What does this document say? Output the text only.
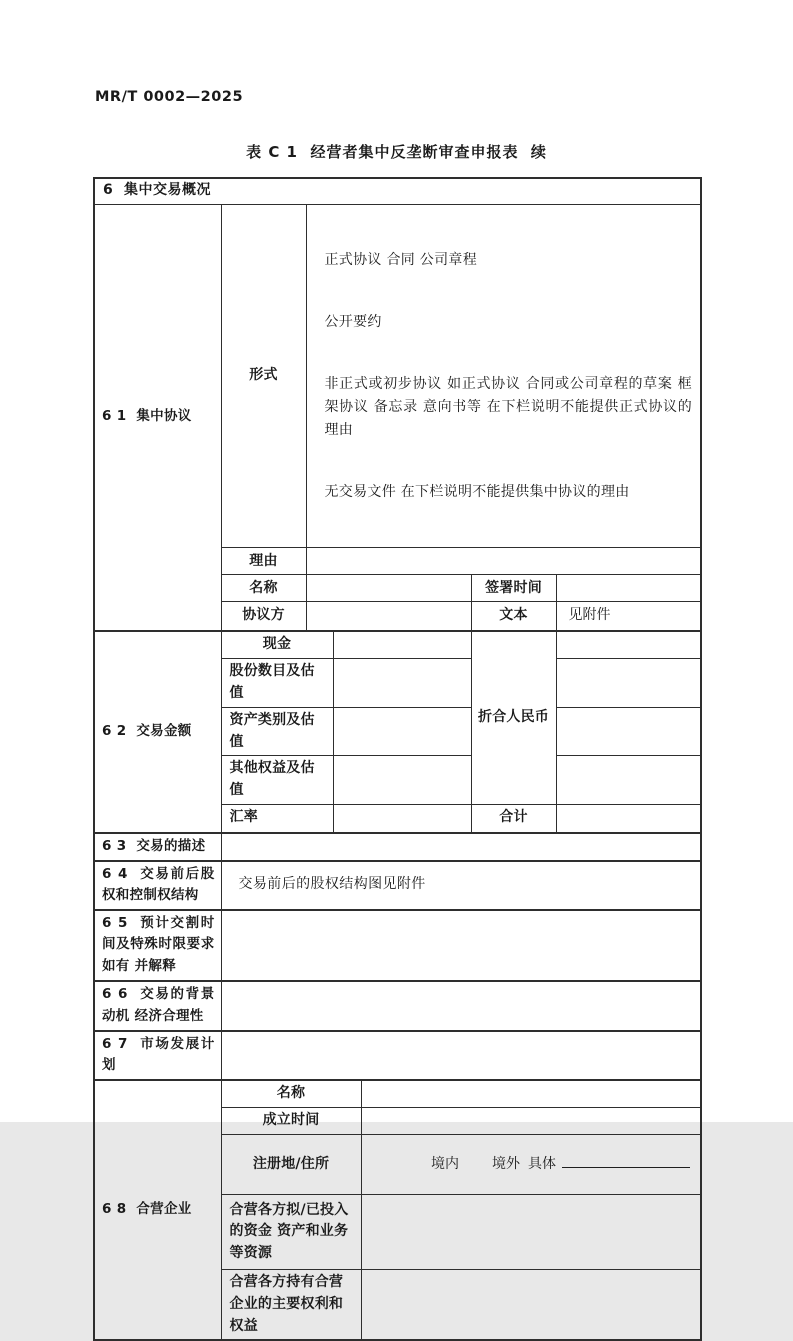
MR/T 0002—2025
表 C 1  经营者集中反垄断审查申报表  续
6  集中交易概况						
6 1  集中协议	形式	正式协议 合同 公司章程

公开要约

非正式或初步协议 如正式协议 合同或公司章程的草案 框架协议 备忘录 意向书等 在下栏说明不能提供正式协议的理由

无交易文件 在下栏说明不能提供集中协议的理由				

	理由					
	名称				签署时间	
	协议方				文本	见附件
6 2  交易金额	现金				折合人民币	
	股份数目及估值					
	资产类别及估值					
	其他权益及估值					
	汇率				合计	
6 3  交易的描述						
6 4  交易前后股权和控制权结构	交易前后的股权结构图见附件					
6 5  预计交割时间及特殊时限要求 如有 并解释						
6 6  交易的背景 动机 经济合理性						
6 7  市场发展计划						
6 8  合营企业	名称					
	成立时间					
	注册地/住所			境内 境外 具体		

	合营各方拟/已投入的资金 资产和业务等资源					
	合营各方持有合营企业的主要权利和权益					
